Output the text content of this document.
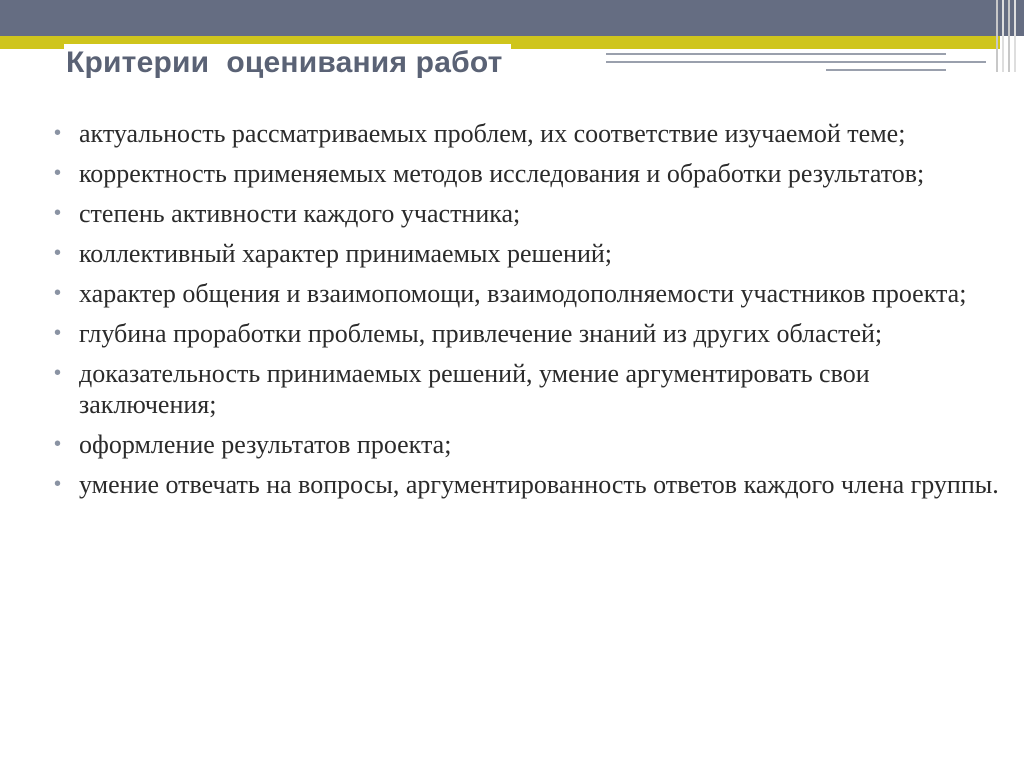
Критерии  оценивания работ
• актуальность рассматриваемых проблем, их соответствие изучаемой теме;
• корректность применяемых методов исследования и обработки результатов;
• степень активности каждого участника;
• коллективный характер принимаемых решений;
• характер общения и взаимопомощи, взаимодополняемости участников проекта;
• глубина проработки проблемы, привлечение знаний из других областей;
• доказательность принимаемых решений, умение аргументировать свои заключения;
• оформление результатов проекта;
• умение отвечать на вопросы, аргументированность ответов каждого члена группы.
